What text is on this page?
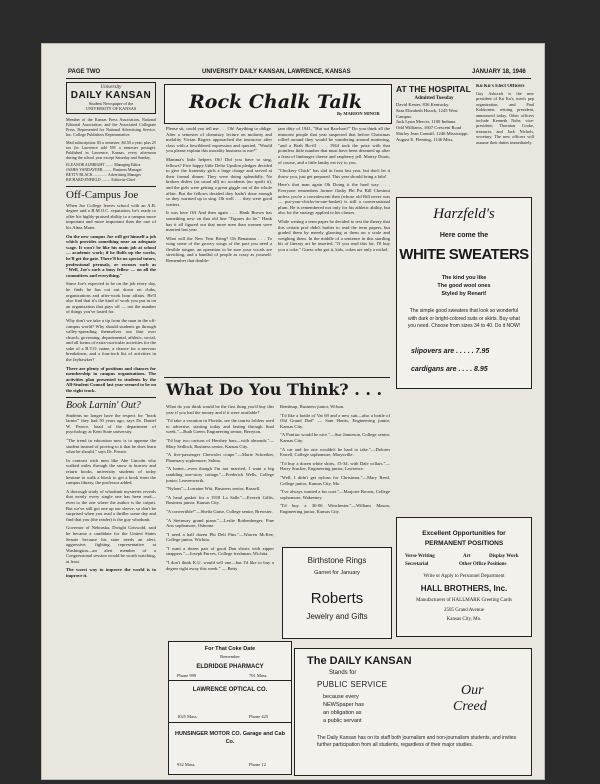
PAGE TWO	UNIVERSITY DAILY KANSAN, LAWRENCE, KANSAS	JANUARY 18, 1946
University
DAILY KANSAN
Student Newspaper of the
UNIVERSITY OF KANSAS

Member of the Kansas Press Association, National Editorial Association, and the Associated Collegiate Press. Represented for National Advertising Service, Inc. College Publishers Representative.

Mail subscription: $3 a semester; $4.50 a year; plus 2¢ tax (in Lawrence add 50¢ a semester postage). Published in Lawrence, Kansas, every afternoon during the school year except Saturday and Sunday.

ELEANOR ALBRIGHT ........ Managing Editor
JAMES VANDAVEER ......... Business Manager
BETTY BLACK .............. Advertising Manager
RICHARD ENFIELD ......... Editor-in-Chief
Off-Campus Joe

When Joe College leaves school with an A.B. degree and a B.M.O.C. reputation, he's ready to offer his highly-praised ability to a campus more important and more important than the one of his Alma Mater.

On the new campus Joe will get himself a job which provides something near an adequate wage. It won't be like his main job at school — academic work; if he fluffs up the works, he'll get the gate. There'll be no special tutors, professional perusals, or excuses such as "Well, Joe's such a busy fellow — on all the committees and everything."

Since Joe's expected to be on the job every day, he finds he has cut out down on clubs, organizations and after-work hour affairs. He'll also find that it's the kind of work you put in on an organization that pays off — not the number of things you've lasted for.

Why don't we take a tip from the man in the off-campus world? Why should students go through valley-spreading themselves out thin over church, governing, departmental, athletic, social, and all forms of extra-curricular activities for the sake of a B.T.O. name, a chance for a nervous breakdown, and a four-inch list of activities in the Jayhawker?

There are plenty of positions and chances for membership in campus organizations. The activities plan presented to students by the All-Student Council last year seemed to be on the right track.

Book Larnin' Out?

Students no longer have the respect for "book larnin'" they had 50 years ago, says Dr. Daniel W. Pearce, head of the department of psychology at Kent State university.

"The trend in education now is to appease the student instead of proving to it that he does learn what he should," says Dr. Pearce.

In contrast with men like Abe Lincoln who walked miles through the snow to borrow and return books, university students of today hesitate to walk a block to get a book from the campus library, the professor added.

A thorough study of whodunit mysteries reveals that nearly every single one has been read—even to the one where the author is the culprit. But we've still got one up our sleeve, so don't be surprised when you read a thriller some day and find that you (the reader) is the guy whodunit.

Governor of Nebraska, Dwight Griswold, said he became a candidate for the United States Senate because his state needs an alert, aggressive, fighting representative at Washington—an alert member of a Congressional session would be worth watching, at least.

The worst way to improve the world is to improve it.

Rock Chalk Talk
By MARION MINOR

Please sit, could you tell me . . . Oh! Anything to oblige. After a semester of chemistry lecture on molarity and molality Vivian Rogers approached the instructor after class with a bewildered expression and queried, "Would you please explain this morality business to me?"

Mamma's little helpers Oh! Did you have to sing, fellows? Five happy little Delta Upsilon pledges decided to give the fraternity girls a large charge and served at their formal dinner. They were doing splendidly. No broken dishes (as usual all) no accidents (no spoilt it), and the girls were getting a great giggle out of the whole affair. But the fellows decided they hadn't done enough so they warmed up to sing. Oh well . . . they were good waiters.

It was here Off And then again . . . Hank Brown has something new on that old line "Figures do lie." Hank has it all figured out that more men than women were married last year.

What will the New Year Bring? Oh Benanana . . . To wing some of the groovy songs of the past you need a flexible tongue, an operation to be sure your vocals are stretching, and a handful of people as crazy as yourself. Remember that double-

jam ditty of 1941, "Hut sut Rawlson?" Do you think all the innocent people that year suspected that before Christmas rolled around they would be wandering around muttering, "and a Brah Bo-ill . . . 1944 took the prize with that pointless little number that must have been dreamed up after a feast of limburger cheese and raspberry jell. Mairzy Doats, of course, and a little lamby eat ivy to you.

"Chickery Chick" has slid in from last year, but don't let it throw you, just get prepared. This year should bring a lulu!

Here's that man again Oh Doing it the hard way . . . Everyone remembers former flashy Phi Psi Bill Chestnut unless you're a convalescent then (whose old Bill never was — put-your-chicks-in-one-basket) is still a conversational plum. He is remembered not only for his athletic ability, but also for the strategy applied to his classes.

While writing a term paper he decided to test the theory that this certain prof didn't bother to read the term papers, but graded them by merely glancing at them on a scale and weighing them. In the middle of a sentence in this startling bit of literary art he inserted, "If you read this far, I'll buy you a coke." Guess who got it, kids, cokes are only a nickel.

AT THE HOSPITAL
Admitted Tuesday
David Kester, 836 Kentucky.
Sara Elizabeth Houck, 1245 West Campus.
Jack Lynn Mercer, 1100 Indiana.
Odd Williams, 1607 Crescent Road
Shirley Jean Conniff, 1246 Mississippi.
August E. Fleming, 1146 Miss.
Ku Ku's Elect Officers

Guy Ashcraft is the new president of Ku Ku's, men's pep organization, and Paul Kokkonen, retiring president, announced today. Other officers include Kenneth Nohe, vice-president; Thornton Cooke, treasurer, and Jack Nichols, secretary. The new officers will assume their duties immediately.

Harzfeld's
Here come the
WHITE SWEATERS
The kind you like
The good wool ones
Styled by Renart!
The simple good sweaters that look so wonderful with dark or bright-colored suits or skirts. Buy what you need. Choose from sizes 34 to 40. Do it NOW!
slipovers are . . . . . 7.95
cardigans are . . . . 8.95
What Do You Think? . . .

What do you think would be the first thing you'd buy this year if you had the money and if it were available?

"I'd take a vacation in Florida, see the tourist folders used to advertise, starting today and lasting through final week."—Ruth Green, Engineering senior, Berryton.

"I'd buy two cartons of Hershey bars—with almonds."—Mary Sedlock, Business senior, Kansas City.

"A five-passenger Chevrolet coupe."—Marie Schreiber, Pharmacy sophomore, Salina.

"A home—even though I'm not married, I want a big rambling one-story cottage."—Frederick Wells, College junior, Leavenworth.

"Nylons"—Lorraine Witt, Business senior, Russell.

"A head gasket for a 1918 La Salle."—Everett Gillis, Business junior, Kansas City.

"A convertible!"—Sheila Guise, College senior, Brewster.

"A Steinway grand piano."—Leslie Rothenberger, Fine Arts sophomore, Osborne.

"I need a half dozen Phi Delt Pins."—Warren McKee, College junior, Wichita.

"I want a dozen pair of good Dan shorts with zipper snappers."—Joseph Purves, College freshman, Wichita.

"I don't think K.U. would sell one—but I'd like to buy a degree right away this week." — Betty

Rembsup, Business junior, Wilson.

"I'd like a bottle of Vat 69 and a new suit—also a bottle of Old Grand Dad" — Sam Harris, Engineering junior, Kansas City.

"A Pontiac would be nice."—Sue Jamieson, College senior, Kansas City.

"A car and for one wouldn't be hard to take."—Dolores Farrell, College sophomore, Marysville.

"I'd buy a dozen white shirts, 15-34, with Dale collars."—Harry Stucker, Engineering junior, Lawrence.

"Well, I didn't get nylons for Christmas."—Mary Reed, College junior, Kansas City, Mo.

"I've always wanted a fur coat."—Marjorie Brown, College sophomore, Wakeeney.

"I'd buy a 30-06 Winchester."—William Mason, Engineering junior, Kansas City.

Birthstone Rings
Garnet for January
Roberts
Jewelry and Gifts
For That Coke Date
Remember
ELDRIDGE PHARMACY
Phone 999	701 Mass.
LAWRENCE OPTICAL CO.
1025 Mass.	Phone 425
HUNSINGER MOTOR CO. Garage and Cab Co.
932 Mass.	Phone 12
Excellent Opportunities for
PERMANENT POSITIONS
Verse Writing	Art	Display Work
Secretarial	Other Office Positions
Write or Apply to Personnel Department
HALL BROTHERS, Inc.
Manufacturers of HALLMARK Greeting Cards
2505 Grand Avenue
Kansas City, Mo.
The DAILY KANSAN
Stands for
PUBLIC SERVICE
because every
NEWSpaper has
an obligation as
a public servant
Our
Creed
The Daily Kansan has on its staff both journalism and non-journalism students, and invites further participation from all students, regardless of their major studies.
